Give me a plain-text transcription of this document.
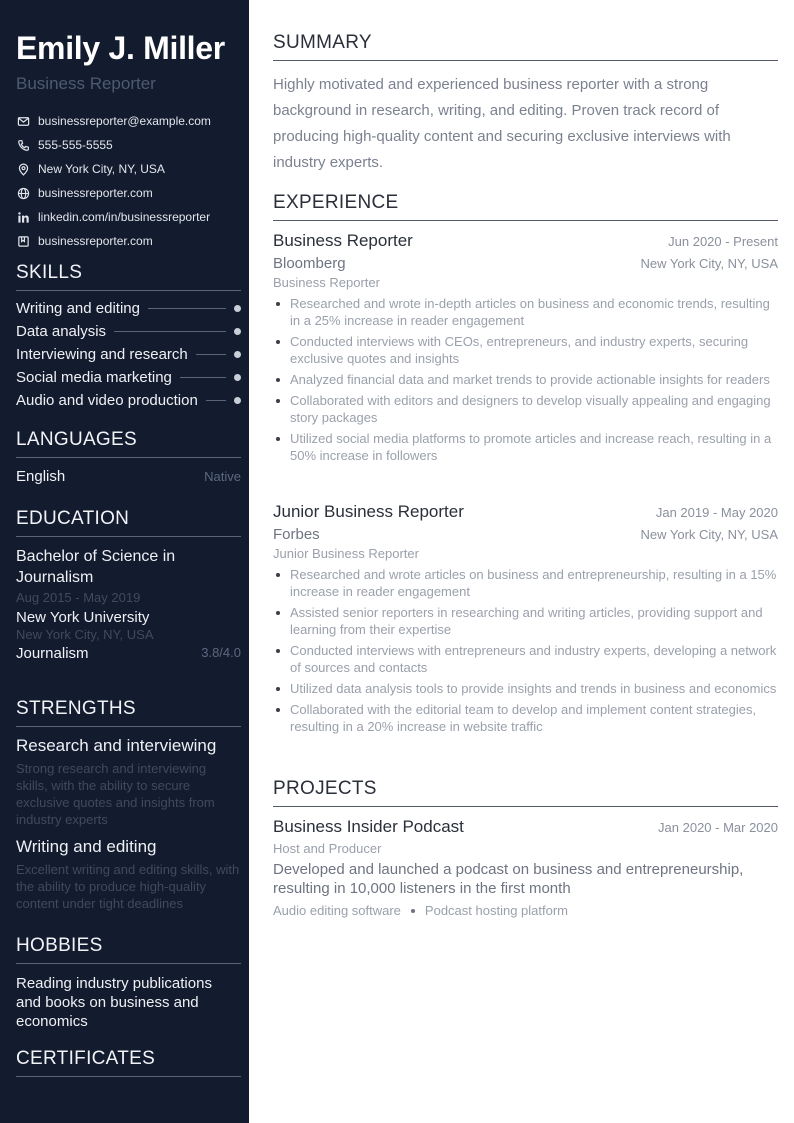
Emily J. Miller
Business Reporter
businessreporter@example.com
555-555-5555
New York City, NY, USA
businessreporter.com
linkedin.com/in/businessreporter
businessreporter.com
SKILLS
Writing and editing
Data analysis
Interviewing and research
Social media marketing
Audio and video production
LANGUAGES
English	Native
EDUCATION
Bachelor of Science in Journalism
Aug 2015 - May 2019
New York University
New York City, NY, USA
Journalism	3.8/4.0
STRENGTHS
Research and interviewing
Strong research and interviewing skills, with the ability to secure exclusive quotes and insights from industry experts
Writing and editing
Excellent writing and editing skills, with the ability to produce high-quality content under tight deadlines
HOBBIES
Reading industry publications and books on business and economics
CERTIFICATES
SUMMARY
Highly motivated and experienced business reporter with a strong background in research, writing, and editing. Proven track record of producing high-quality content and securing exclusive interviews with industry experts.
EXPERIENCE
Business Reporter	Jun 2020 - Present
Bloomberg	New York City, NY, USA
Business Reporter
Researched and wrote in-depth articles on business and economic trends, resulting in a 25% increase in reader engagement
Conducted interviews with CEOs, entrepreneurs, and industry experts, securing exclusive quotes and insights
Analyzed financial data and market trends to provide actionable insights for readers
Collaborated with editors and designers to develop visually appealing and engaging story packages
Utilized social media platforms to promote articles and increase reach, resulting in a 50% increase in followers
Junior Business Reporter	Jan 2019 - May 2020
Forbes	New York City, NY, USA
Junior Business Reporter
Researched and wrote articles on business and entrepreneurship, resulting in a 15% increase in reader engagement
Assisted senior reporters in researching and writing articles, providing support and learning from their expertise
Conducted interviews with entrepreneurs and industry experts, developing a network of sources and contacts
Utilized data analysis tools to provide insights and trends in business and economics
Collaborated with the editorial team to develop and implement content strategies, resulting in a 20% increase in website traffic
PROJECTS
Business Insider Podcast	Jan 2020 - Mar 2020
Host and Producer
Developed and launched a podcast on business and entrepreneurship, resulting in 10,000 listeners in the first month
Audio editing software Podcast hosting platform
